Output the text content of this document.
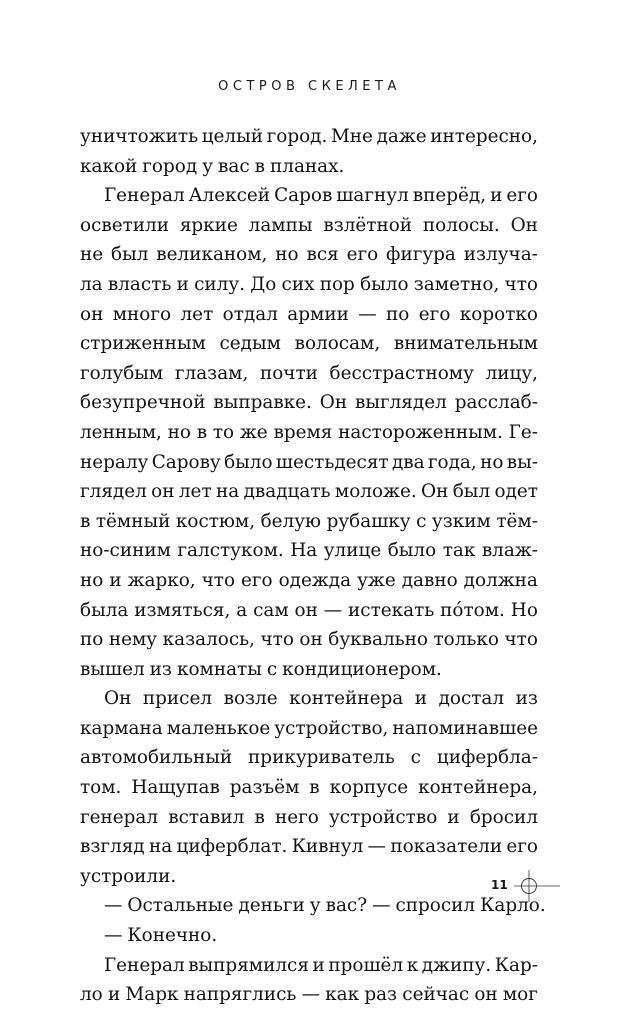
ОСТРОВ СКЕЛЕТА
уничтожить целый город. Мне даже интересно,
какой город у вас в планах.
Генерал Алексей Саров шагнул вперёд, и его
осветили яркие лампы взлётной полосы. Он
не был великаном, но вся его фигура излуча-
ла власть и силу. До сих пор было заметно, что
он много лет отдал армии — по его коротко
стриженным седым волосам, внимательным
голубым глазам, почти бесстрастному лицу,
безупречной выправке. Он выглядел расслаб-
ленным, но в то же время настороженным. Ге-
нералу Сарову было шестьдесят два года, но вы-
глядел он лет на двадцать моложе. Он был одет
в тёмный костюм, белую рубашку с узким тём-
но-синим галстуком. На улице было так влаж-
но и жарко, что его одежда уже давно должна
была измяться, а сам он — истекать по́том. Но
по нему казалось, что он буквально только что
вышел из комнаты с кондиционером.
Он присел возле контейнера и достал из
кармана маленькое устройство, напоминавшее
автомобильный прикуриватель с цифербла-
том. Нащупав разъём в корпусе контейнера,
генерал вставил в него устройство и бросил
взгляд на циферблат. Кивнул — показатели его
устроили.
— Остальные деньги у вас? — спросил Карло.
— Конечно.
Генерал выпрямился и прошёл к джипу. Кар-
ло и Марк напряглись — как раз сейчас он мог
11
